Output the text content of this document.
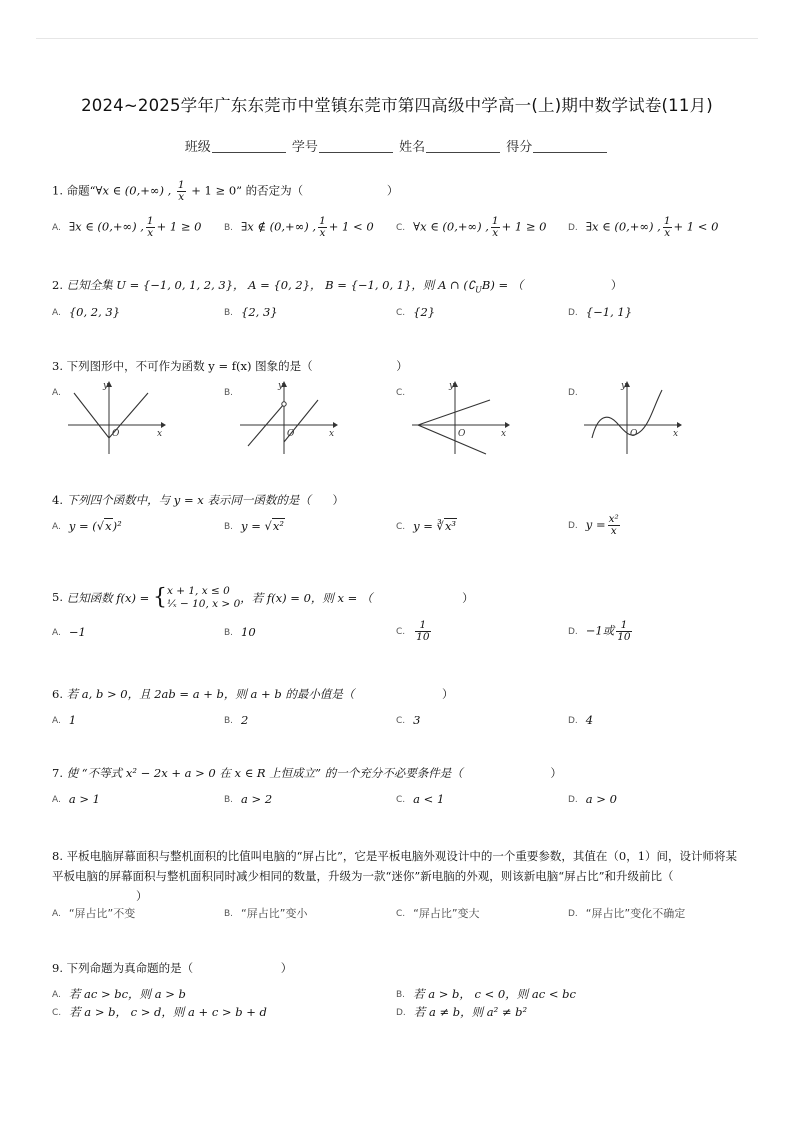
2024~2025学年广东东莞市中堂镇东莞市第四高级中学高一(上)期中数学试卷(11月)
班级	学号	姓名	得分
1. 命题“∀x ∈ (0,+∞) , $\frac{1}{x} + 1 \ge 0$” 的否定为（	）
A. ∃x ∈ (0,+∞) , $\frac{1}{x} + 1 \ge 0$	B. ∃x ∉ (0,+∞) , $\frac{1}{x} + 1 < 0$ C. ∀x ∈ (0,+∞) , $\frac{1}{x} + 1 \ge 0$ D. ∃x ∈ (0,+∞) , $\frac{1}{x} + 1 < 0$
2. 已知全集 U = {−1, 0, 1, 2, 3}， A = {0, 2}， B = {−1, 0, 1}，则 A ∩ $(∁_UB)$ = （	）
A. {0, 2, 3}	B. {2, 3}	C. {2}	D. {−1, 1}
3. 下列图形中，不可作为函数 y = f(x) 图象的是（	）
A.	B.	C.	D.
x
y
O	x
y
O	x
y
O	x
y
O
4. 下列四个函数中，与 y = x 表示同一函数的是（ ）
A. y = (√x)²	B. y = √x²	C. y = ∛x³	D. $y = \frac{\text{x²}}{x}$
5. 已知函数 f(x) = { x + 1, x ≤ 0
¹⁄ₓ − 10, x > 0 ，若 f(x) = 0，则 x = （	）
A. −1	B. 10	C. $\frac{1}{10}$	D. −1或 $\frac{1}{10}$
6. 若 a, b > 0，且 2ab = a + b，则 a + b 的最小值是（	）
A. 1	B. 2	C. 3	D. 4
7. 使 “不等式 x² − 2x + a > 0 在 x ∈ R 上恒成立” 的一个充分不必要条件是（	）
A. a > 1	B. a > 2	C. a < 1	D. a > 0
8. 平板电脑屏幕面积与整机面积的比值叫电脑的“屏占比”，它是平板电脑外观设计中的一个重要参数，其值在（0，1）间，设计师将某平板电脑的屏幕面积与整机面积同时减少相同的数量，升级为一款“迷你”新电脑的外观，则该新电脑“屏占比”和升级前比（）
A. “屏占比”不变	B. “屏占比”变小	C. “屏占比”变大	D. “屏占比”变化不确定
9. 下列命题为真命题的是（	）
A. 若 ac > bc，则 a > b	B. 若 a > b， c < 0，则 ac < bc
C. 若 a > b， c > d，则 a + c > b + d	D. 若 a ≠ b，则 a² ≠ b²
